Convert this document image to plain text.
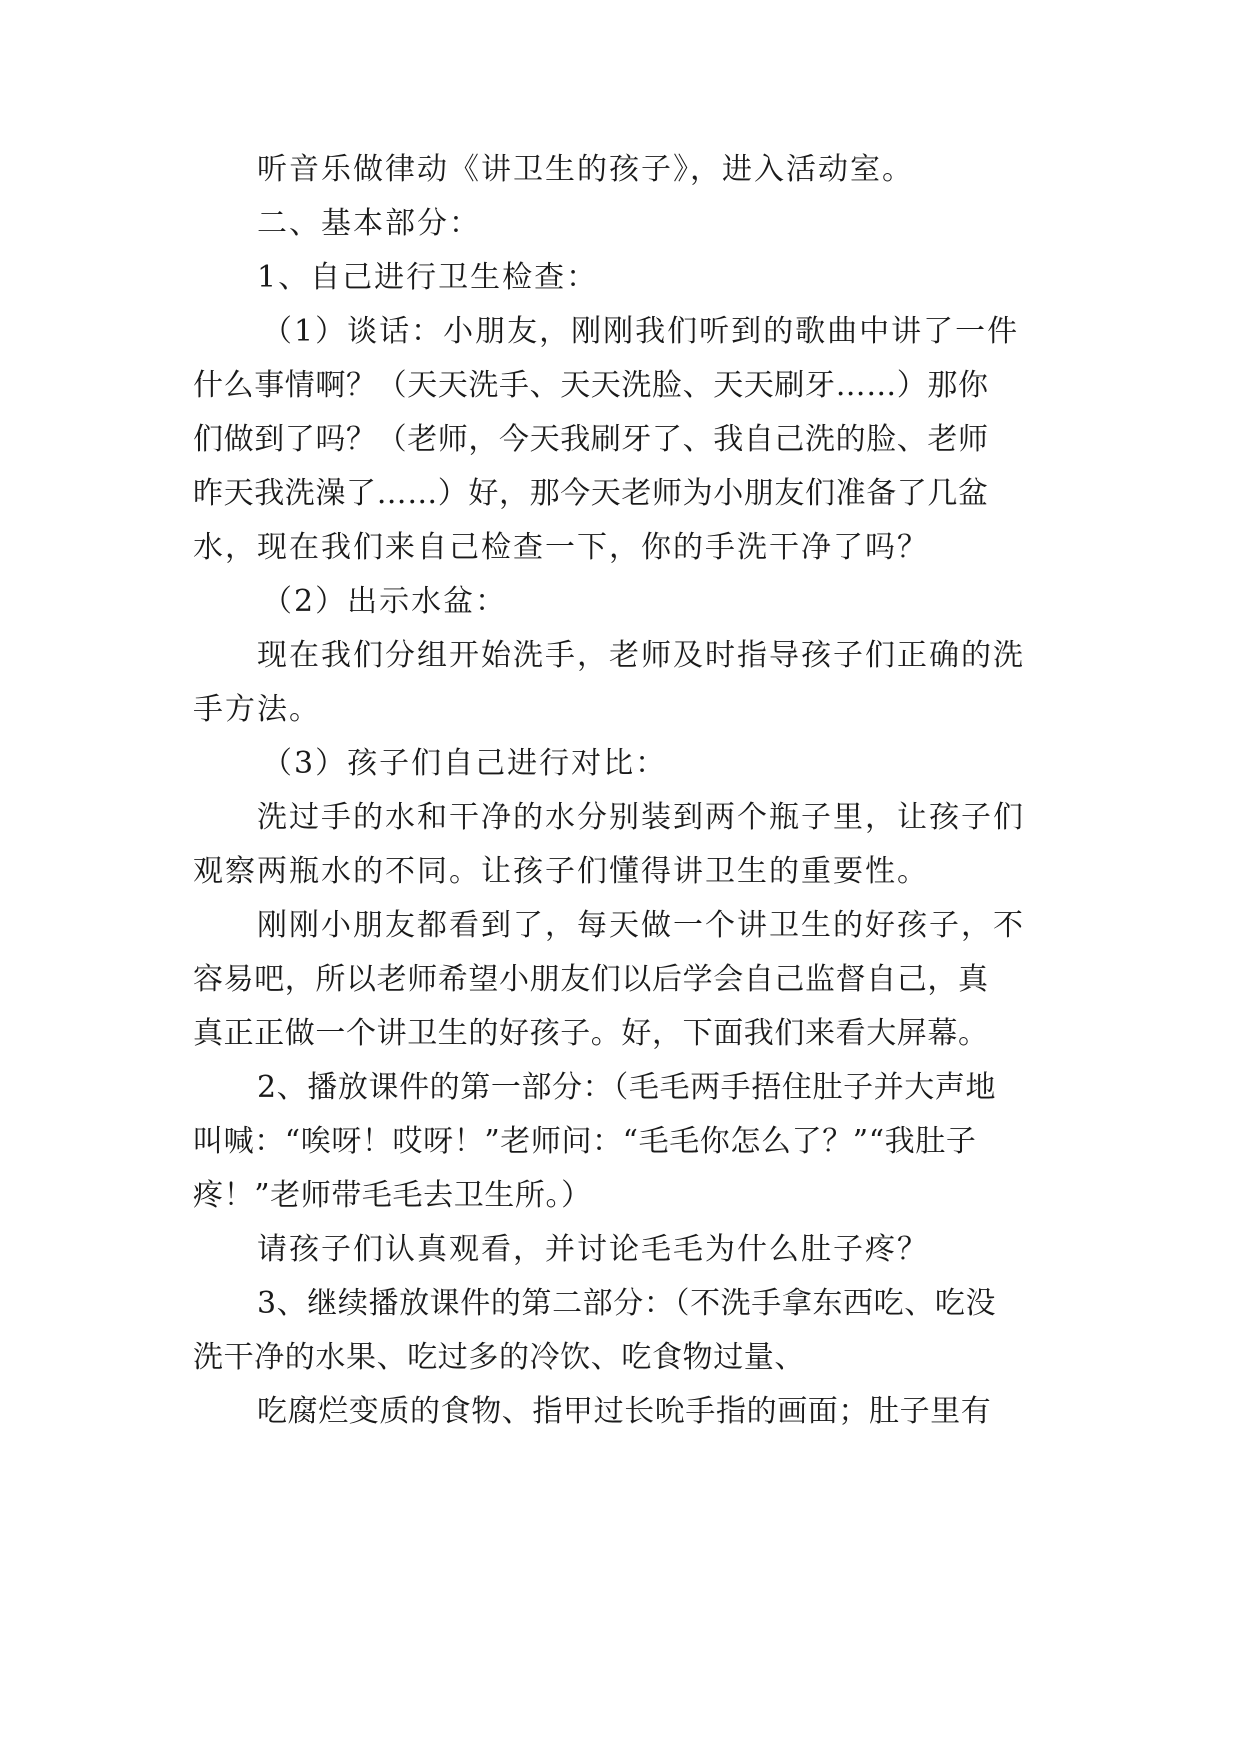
听音乐做律动《讲卫生的孩子》，进入活动室。
二、基本部分：
1、自己进行卫生检查：
（1）谈话：小朋友，刚刚我们听到的歌曲中讲了一件
什么事情啊？（天天洗手、天天洗脸、天天刷牙……）那你
们做到了吗？（老师，今天我刷牙了、我自己洗的脸、老师
昨天我洗澡了……）好，那今天老师为小朋友们准备了几盆
水，现在我们来自己检查一下，你的手洗干净了吗？
（2）出示水盆：
现在我们分组开始洗手，老师及时指导孩子们正确的洗
手方法。
（3）孩子们自己进行对比：
洗过手的水和干净的水分别装到两个瓶子里，让孩子们
观察两瓶水的不同。让孩子们懂得讲卫生的重要性。
刚刚小朋友都看到了，每天做一个讲卫生的好孩子，不
容易吧，所以老师希望小朋友们以后学会自己监督自己，真
真正正做一个讲卫生的好孩子。好，下面我们来看大屏幕。
2、播放课件的第一部分：（毛毛两手捂住肚子并大声地
叫喊：“唉呀！哎呀！”老师问：“毛毛你怎么了？”“我肚子
疼！”老师带毛毛去卫生所。）
请孩子们认真观看，并讨论毛毛为什么肚子疼？
3、继续播放课件的第二部分：（不洗手拿东西吃、吃没
洗干净的水果、吃过多的冷饮、吃食物过量、
吃腐烂变质的食物、指甲过长吮手指的画面；肚子里有
